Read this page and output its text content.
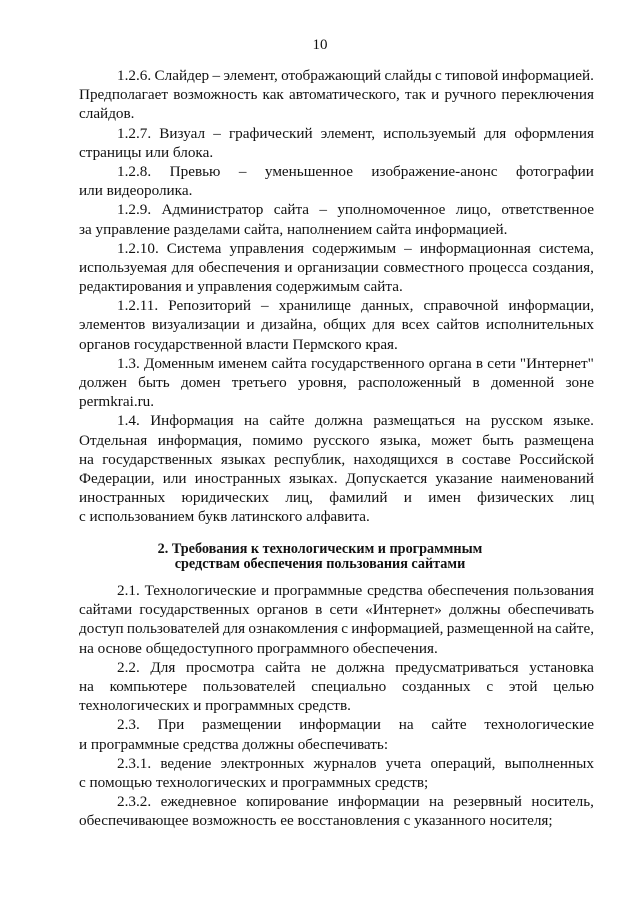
10
1.2.6. Слайдер – элемент, отображающий слайды с типовой информацией.
Предполагает возможность как автоматического, так и ручного переключения
слайдов.
1.2.7. Визуал – графический элемент, используемый для оформления
страницы или блока.
1.2.8. Превью – уменьшенное изображение-анонс фотографии
или видеоролика.
1.2.9. Администратор сайта – уполномоченное лицо, ответственное
за управление разделами сайта, наполнением сайта информацией.
1.2.10. Система управления содержимым – информационная система,
используемая для обеспечения и организации совместного процесса создания,
редактирования и управления содержимым сайта.
1.2.11. Репозиторий – хранилище данных, справочной информации,
элементов визуализации и дизайна, общих для всех сайтов исполнительных
органов государственной власти Пермского края.
1.3. Доменным именем сайта государственного органа в сети "Интернет"
должен быть домен третьего уровня, расположенный в доменной зоне
permkrai.ru.
1.4. Информация на сайте должна размещаться на русском языке.
Отдельная информация, помимо русского языка, может быть размещена
на государственных языках республик, находящихся в составе Российской
Федерации, или иностранных языках. Допускается указание наименований
иностранных юридических лиц, фамилий и имен физических лиц
с использованием букв латинского алфавита.
2. Требования к технологическим и программным
средствам обеспечения пользования сайтами
2.1. Технологические и программные средства обеспечения пользования
сайтами государственных органов в сети «Интернет» должны обеспечивать
доступ пользователей для ознакомления с информацией, размещенной на сайте,
на основе общедоступного программного обеспечения.
2.2. Для просмотра сайта не должна предусматриваться установка
на компьютере пользователей специально созданных с этой целью
технологических и программных средств.
2.3. При размещении информации на сайте технологические
и программные средства должны обеспечивать:
2.3.1. ведение электронных журналов учета операций, выполненных
с помощью технологических и программных средств;
2.3.2. ежедневное копирование информации на резервный носитель,
обеспечивающее возможность ее восстановления с указанного носителя;
